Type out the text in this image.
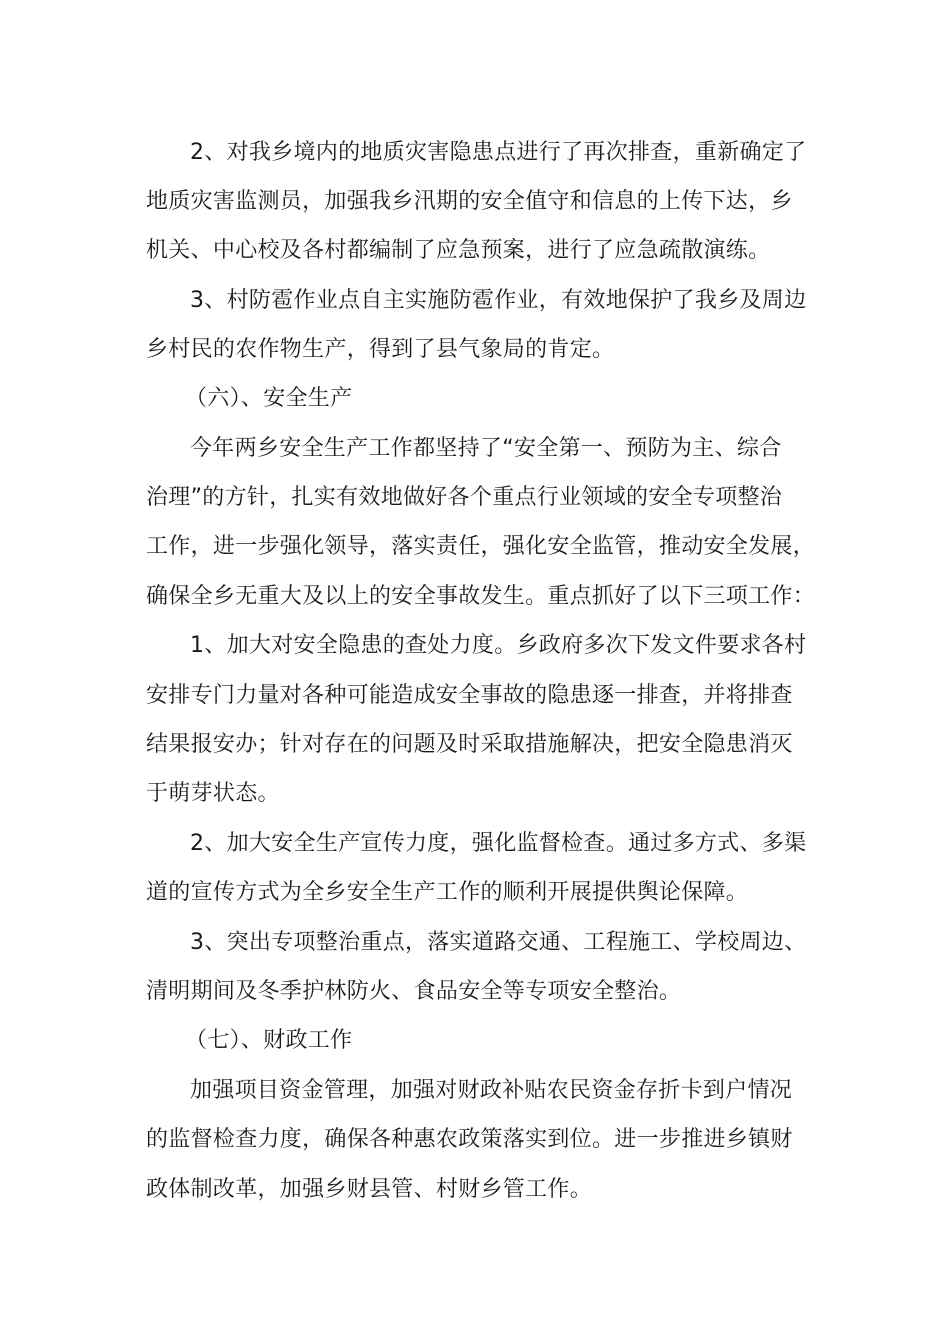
2、对我乡境内的地质灾害隐患点进行了再次排查，重新确定了
地质灾害监测员，加强我乡汛期的安全值守和信息的上传下达，乡
机关、中心校及各村都编制了应急预案，进行了应急疏散演练。
3、村防雹作业点自主实施防雹作业，有效地保护了我乡及周边
乡村民的农作物生产，得到了县气象局的肯定。
（六）、安全生产
今年两乡安全生产工作都坚持了“安全第一、预防为主、综合
治理”的方针，扎实有效地做好各个重点行业领域的安全专项整治
工作，进一步强化领导，落实责任，强化安全监管，推动安全发展，
确保全乡无重大及以上的安全事故发生。重点抓好了以下三项工作：
1、加大对安全隐患的查处力度。乡政府多次下发文件要求各村
安排专门力量对各种可能造成安全事故的隐患逐一排查，并将排查
结果报安办；针对存在的问题及时采取措施解决，把安全隐患消灭
于萌芽状态。
2、加大安全生产宣传力度，强化监督检查。通过多方式、多渠
道的宣传方式为全乡安全生产工作的顺利开展提供舆论保障。
3、突出专项整治重点，落实道路交通、工程施工、学校周边、
清明期间及冬季护林防火、食品安全等专项安全整治。
（七）、财政工作
加强项目资金管理，加强对财政补贴农民资金存折卡到户情况
的监督检查力度，确保各种惠农政策落实到位。进一步推进乡镇财
政体制改革，加强乡财县管、村财乡管工作。
